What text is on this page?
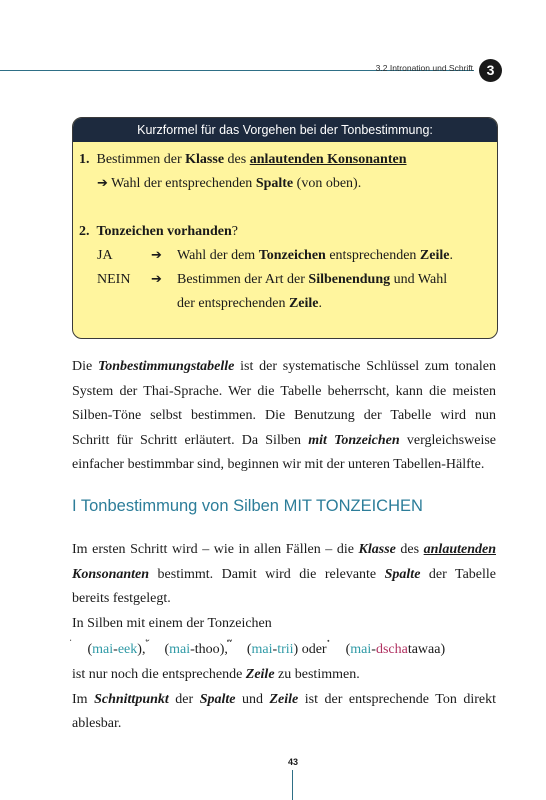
3.2 Intronation und Schrift 3
Kurzformel für das Vorgehen bei der Tonbestimmung:
1. Bestimmen der Klasse des anlautenden Konsonanten
➔ Wahl der entsprechenden Spalte (von oben).
2. Tonzeichen vorhanden?
JA	➔ Wahl der dem Tonzeichen entsprechenden Zeile.
NEIN ➔ Bestimmen der Art der Silbenendung und Wahl
der entsprechenden Zeile.
Die Tonbestimmungstabelle ist der systematische Schlüssel zum tonalen
System der Thai-Sprache. Wer die Tabelle beherrscht, kann die meisten
Silben-Töne selbst bestimmen. Die Benutzung der Tabelle wird nun
Schritt für Schritt erläutert. Da Silben mit Tonzeichen vergleichsweise
einfacher bestimmbar sind, beginnen wir mit der unteren Tabellen-Hälfte.
I Tonbestimmung von Silben MIT TONZEICHEN
Im ersten Schritt wird – wie in allen Fällen – die Klasse des anlautenden
Konsonanten bestimmt. Damit wird die relevante Spalte der Tabelle
bereits festgelegt.
In Silben mit einem der Tonzeichen
(mai-eek),  (mai-thoo),  (mai-trii) oder  (mai-dschatawaa)
ist nur noch die entsprechende Zeile zu bestimmen.
Im Schnittpunkt der Spalte und Zeile ist der entsprechende Ton direkt
ablesbar.
43
